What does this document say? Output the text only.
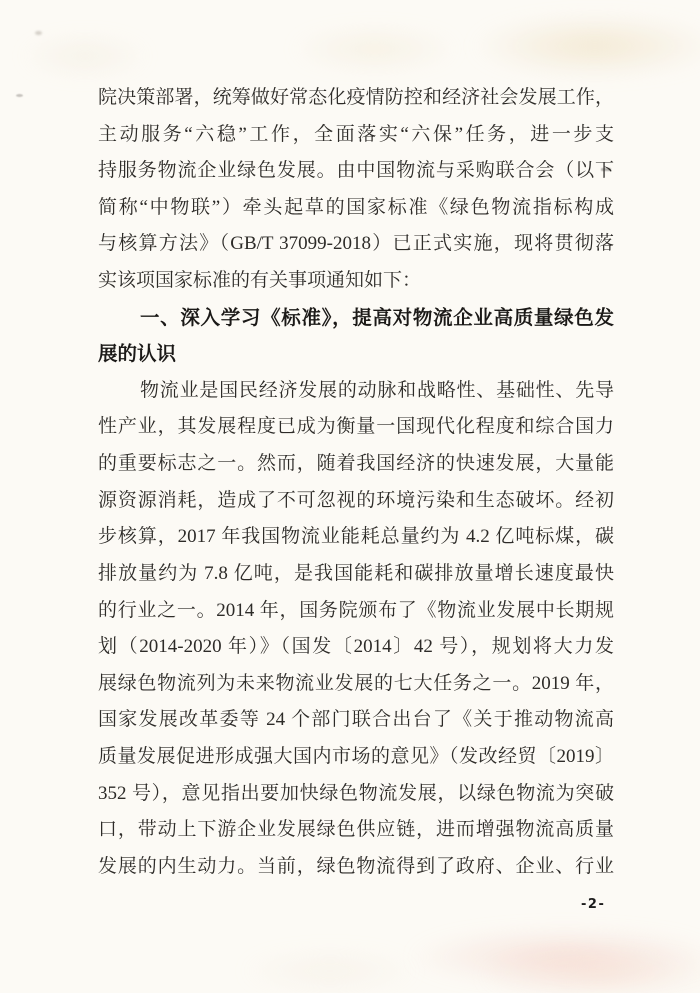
院决策部署，统筹做好常态化疫情防控和经济社会发展工作，
主动服务“六稳”工作，全面落实“六保”任务，进一步支
持服务物流企业绿色发展。由中国物流与采购联合会（以下
简称“中物联”）牵头起草的国家标准《绿色物流指标构成
与核算方法》（GB/T 37099-2018）已正式实施，现将贯彻落
实该项国家标准的有关事项通知如下：
一、深入学习《标准》，提高对物流企业高质量绿色发
展的认识
物流业是国民经济发展的动脉和战略性、基础性、先导
性产业，其发展程度已成为衡量一国现代化程度和综合国力
的重要标志之一。然而，随着我国经济的快速发展，大量能
源资源消耗，造成了不可忽视的环境污染和生态破坏。经初
步核算，2017 年我国物流业能耗总量约为 4.2 亿吨标煤，碳
排放量约为 7.8 亿吨，是我国能耗和碳排放量增长速度最快
的行业之一。2014 年，国务院颁布了《物流业发展中长期规
划（2014-2020 年）》（国发〔2014〕42 号），规划将大力发
展绿色物流列为未来物流业发展的七大任务之一。2019 年，
国家发展改革委等 24 个部门联合出台了《关于推动物流高
质量发展促进形成强大国内市场的意见》（发改经贸〔2019〕
352 号），意见指出要加快绿色物流发展，以绿色物流为突破
口，带动上下游企业发展绿色供应链，进而增强物流高质量
发展的内生动力。当前，绿色物流得到了政府、企业、行业
-2-
